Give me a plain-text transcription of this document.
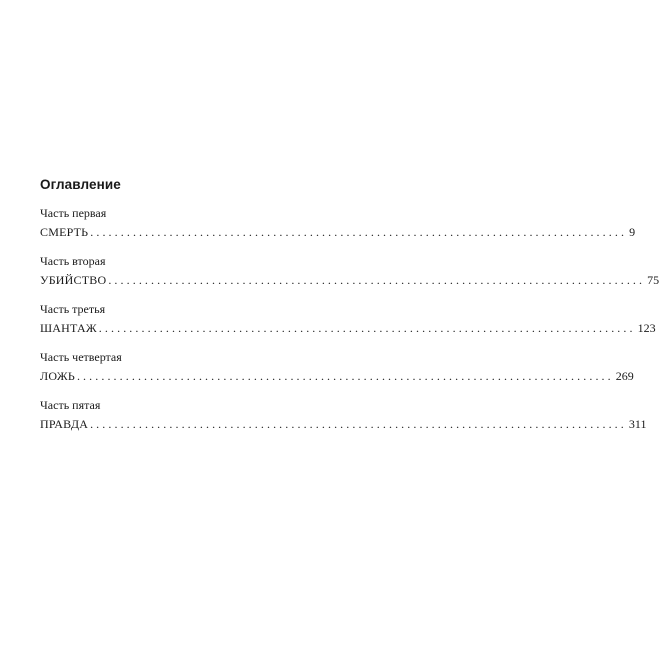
Оглавление
Часть первая
СМЕРТЬ ........................................................................................ 9
Часть вторая
УБИЙСТВО ........................................................................................ 75
Часть третья
ШАНТАЖ ........................................................................................ 123
Часть четвертая
ЛОЖЬ ........................................................................................ 269
Часть пятая
ПРАВДА ........................................................................................ 311
